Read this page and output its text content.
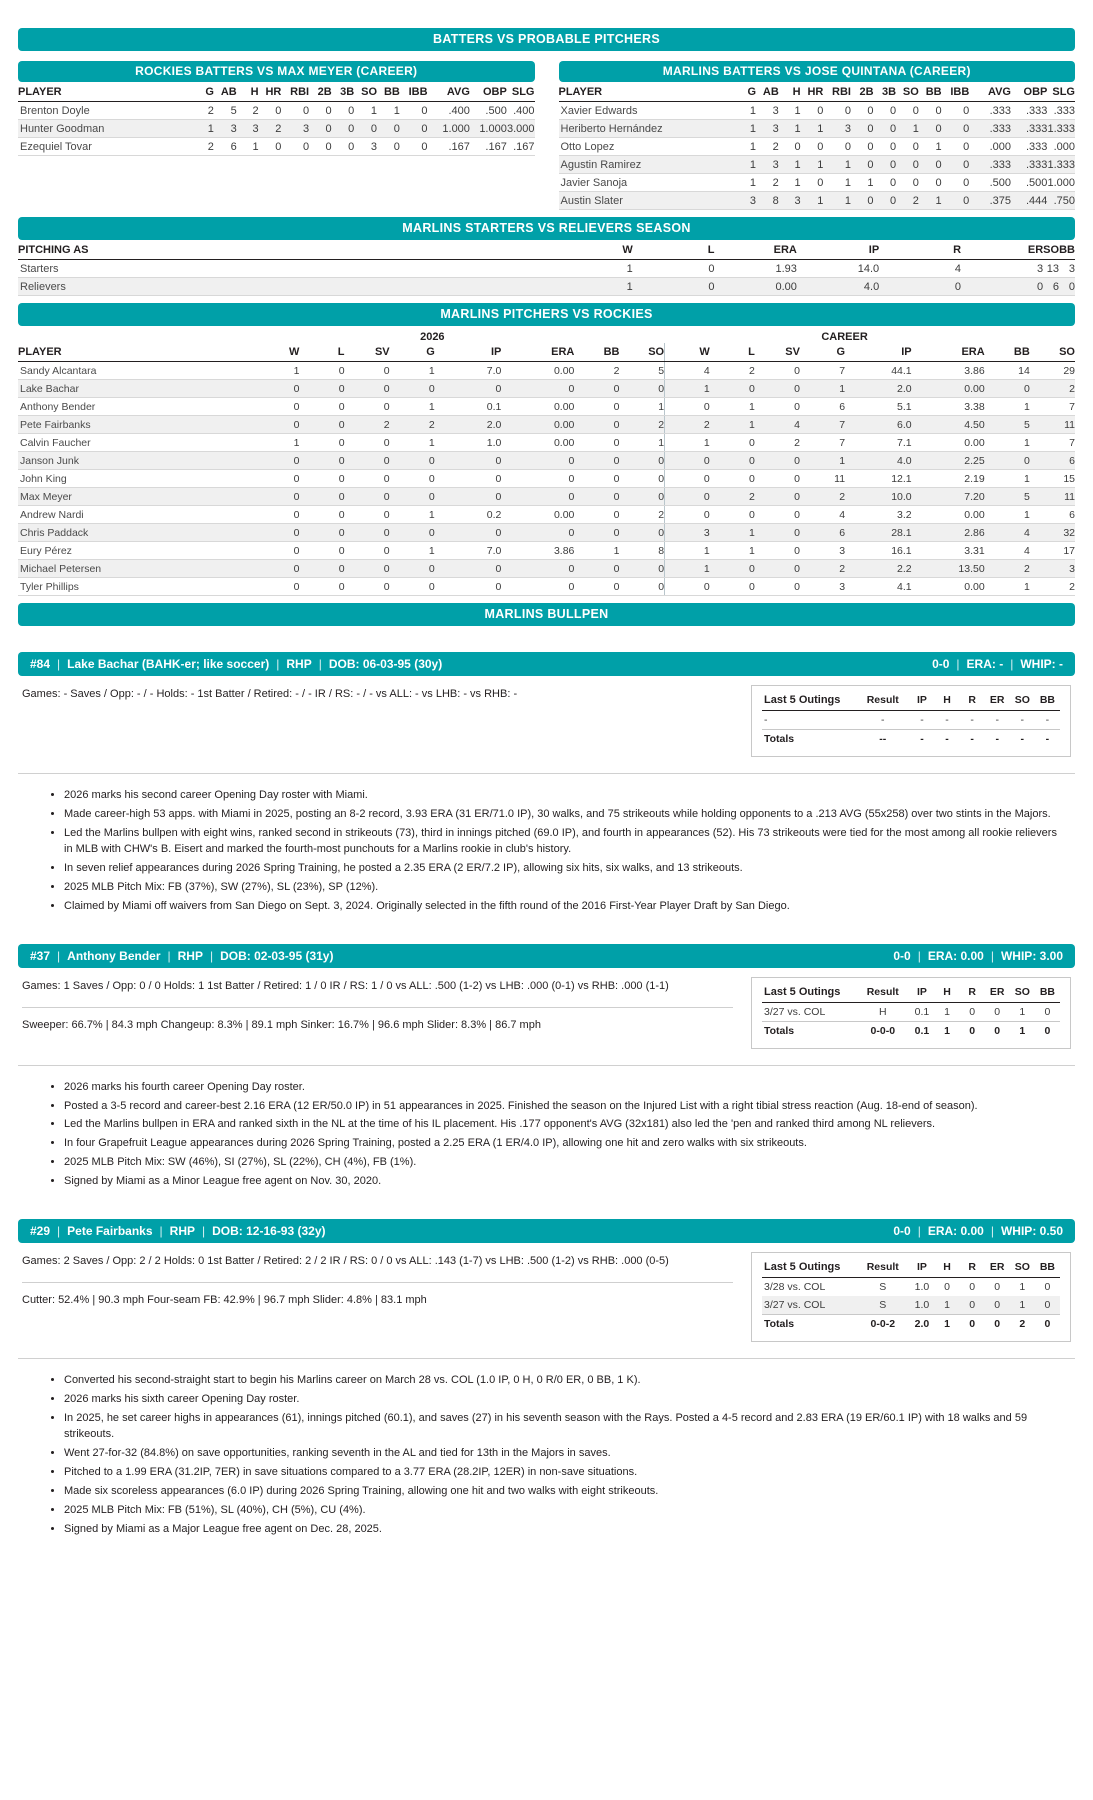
BATTERS VS PROBABLE PITCHERS
ROCKIES BATTERS VS MAX MEYER (CAREER)
PLAYER	G	AB	H	HR	RBI	2B	3B	SO	BB	IBB	AVG	OBP	SLG
Brenton Doyle	2	5	2	0	0	0	0	1	1	0	.400	.500	.400
Hunter Goodman	1	3	3	2	3	0	0	0	0	0	1.000	1.000	3.000
Ezequiel Tovar	2	6	1	0	0	0	0	3	0	0	.167	.167	.167
MARLINS BATTERS VS JOSE QUINTANA (CAREER)
PLAYER	G	AB	H	HR	RBI	2B	3B	SO	BB	IBB	AVG	OBP	SLG
Xavier Edwards	1	3	1	0	0	0	0	0	0	0	.333	.333	.333
Heriberto Hernández	1	3	1	1	3	0	0	1	0	0	.333	.333	1.333
Otto Lopez	1	2	0	0	0	0	0	0	1	0	.000	.333	.000
Agustin Ramirez	1	3	1	1	1	0	0	0	0	0	.333	.333	1.333
Javier Sanoja	1	2	1	0	1	1	0	0	0	0	.500	.500	1.000
Austin Slater	3	8	3	1	1	0	0	2	1	0	.375	.444	.750
MARLINS STARTERS VS RELIEVERS SEASON
PITCHING AS	W	L	ERA	IP	R	ER	SO	BB
Starters	1	0	1.93	14.0	4	3	13	3
Relievers	1	0	0.00	4.0	0	0	6	0
MARLINS PITCHERS VS ROCKIES
2026	CAREER
PLAYER	W	L	SV	G	IP	ERA	BB	SO	W	L	SV	G	IP	ERA	BB	SO
Sandy Alcantara	1	0	0	1	7.0	0.00	2	5	4	2	0	7	44.1	3.86	14	29
Lake Bachar	0	0	0	0	0	0	0	0	1	0	0	1	2.0	0.00	0	2
Anthony Bender	0	0	0	1	0.1	0.00	0	1	0	1	0	6	5.1	3.38	1	7
Pete Fairbanks	0	0	2	2	2.0	0.00	0	2	2	1	4	7	6.0	4.50	5	11
Calvin Faucher	1	0	0	1	1.0	0.00	0	1	1	0	2	7	7.1	0.00	1	7
Janson Junk	0	0	0	0	0	0	0	0	0	0	0	1	4.0	2.25	0	6
John King	0	0	0	0	0	0	0	0	0	0	0	11	12.1	2.19	1	15
Max Meyer	0	0	0	0	0	0	0	0	0	2	0	2	10.0	7.20	5	11
Andrew Nardi	0	0	0	1	0.2	0.00	0	2	0	0	0	4	3.2	0.00	1	6
Chris Paddack	0	0	0	0	0	0	0	0	3	1	0	6	28.1	2.86	4	32
Eury Pérez	0	0	0	1	7.0	3.86	1	8	1	1	0	3	16.1	3.31	4	17
Michael Petersen	0	0	0	0	0	0	0	0	1	0	0	2	2.2	13.50	2	3
Tyler Phillips	0	0	0	0	0	0	0	0	0	0	0	3	4.1	0.00	1	2
MARLINS BULLPEN
#84 | Lake Bachar (BAHK-er; like soccer) | RHP | DOB: 06-03-95 (30y)	0-0 | ERA: - | WHIP: -
Games: - Saves / Opp: - / - Holds: - 1st Batter / Retired: - / - IR / RS: - / - vs ALL: - vs LHB: - vs RHB: -	Last 5 Outings	Result	IP	H	R	ER	SO	BB
-	-	-	-	-	-	-	-
Totals	--	-	-	-	-	-	-
• 2026 marks his second career Opening Day roster with Miami.
• Made career-high 53 apps. with Miami in 2025, posting an 8-2 record, 3.93 ERA (31 ER/71.0 IP), 30 walks, and 75 strikeouts while holding opponents to a .213 AVG (55x258) over two stints in the Majors.
• Led the Marlins bullpen with eight wins, ranked second in strikeouts (73), third in innings pitched (69.0 IP), and fourth in appearances (52). His 73 strikeouts were tied for the most among all rookie relievers in MLB with CHW's B. Eisert and marked the fourth-most punchouts for a Marlins rookie in club's history.
• In seven relief appearances during 2026 Spring Training, he posted a 2.35 ERA (2 ER/7.2 IP), allowing six hits, six walks, and 13 strikeouts.
• 2025 MLB Pitch Mix: FB (37%), SW (27%), SL (23%), SP (12%).
• Claimed by Miami off waivers from San Diego on Sept. 3, 2024. Originally selected in the fifth round of the 2016 First-Year Player Draft by San Diego.
#37 | Anthony Bender | RHP | DOB: 02-03-95 (31y)	0-0 | ERA: 0.00 | WHIP: 3.00
Games: 1 Saves / Opp: 0 / 0 Holds: 1 1st Batter / Retired: 1 / 0 IR / RS: 1 / 0 vs ALL: .500 (1-2) vs LHB: .000 (0-1) vs RHB: .000 (1-1)
Sweeper: 66.7% | 84.3 mph Changeup: 8.3% | 89.1 mph Sinker: 16.7% | 96.6 mph Slider: 8.3% | 86.7 mph
Last 5 Outings	Result	IP	H	R	ER	SO	BB
3/27 vs. COL	H	0.1	1	0	0	1	0
Totals	0-0-0	0.1	1	0	0	1	0
• 2026 marks his fourth career Opening Day roster.
• Posted a 3-5 record and career-best 2.16 ERA (12 ER/50.0 IP) in 51 appearances in 2025. Finished the season on the Injured List with a right tibial stress reaction (Aug. 18-end of season).
• Led the Marlins bullpen in ERA and ranked sixth in the NL at the time of his IL placement. His .177 opponent's AVG (32x181) also led the 'pen and ranked third among NL relievers.
• In four Grapefruit League appearances during 2026 Spring Training, posted a 2.25 ERA (1 ER/4.0 IP), allowing one hit and zero walks with six strikeouts.
• 2025 MLB Pitch Mix: SW (46%), SI (27%), SL (22%), CH (4%), FB (1%).
• Signed by Miami as a Minor League free agent on Nov. 30, 2020.
#29 | Pete Fairbanks | RHP | DOB: 12-16-93 (32y)	0-0 | ERA: 0.00 | WHIP: 0.50
Games: 2 Saves / Opp: 2 / 2 Holds: 0 1st Batter / Retired: 2 / 2 IR / RS: 0 / 0 vs ALL: .143 (1-7) vs LHB: .500 (1-2) vs RHB: .000 (0-5)
Cutter: 52.4% | 90.3 mph Four-seam FB: 42.9% | 96.7 mph Slider: 4.8% | 83.1 mph
Last 5 Outings	Result	IP	H	R	ER	SO	BB
3/28 vs. COL	S	1.0	0	0	0	1	0
3/27 vs. COL	S	1.0	1	0	0	1	0
Totals	0-0-2	2.0	1	0	0	2	0
• Converted his second-straight start to begin his Marlins career on March 28 vs. COL (1.0 IP, 0 H, 0 R/0 ER, 0 BB, 1 K).
• 2026 marks his sixth career Opening Day roster.
• In 2025, he set career highs in appearances (61), innings pitched (60.1), and saves (27) in his seventh season with the Rays. Posted a 4-5 record and 2.83 ERA (19 ER/60.1 IP) with 18 walks and 59 strikeouts.
• Went 27-for-32 (84.8%) on save opportunities, ranking seventh in the AL and tied for 13th in the Majors in saves.
• Pitched to a 1.99 ERA (31.2IP, 7ER) in save situations compared to a 3.77 ERA (28.2IP, 12ER) in non-save situations.
• Made six scoreless appearances (6.0 IP) during 2026 Spring Training, allowing one hit and two walks with eight strikeouts.
• 2025 MLB Pitch Mix: FB (51%), SL (40%), CH (5%), CU (4%).
• Signed by Miami as a Major League free agent on Dec. 28, 2025.
